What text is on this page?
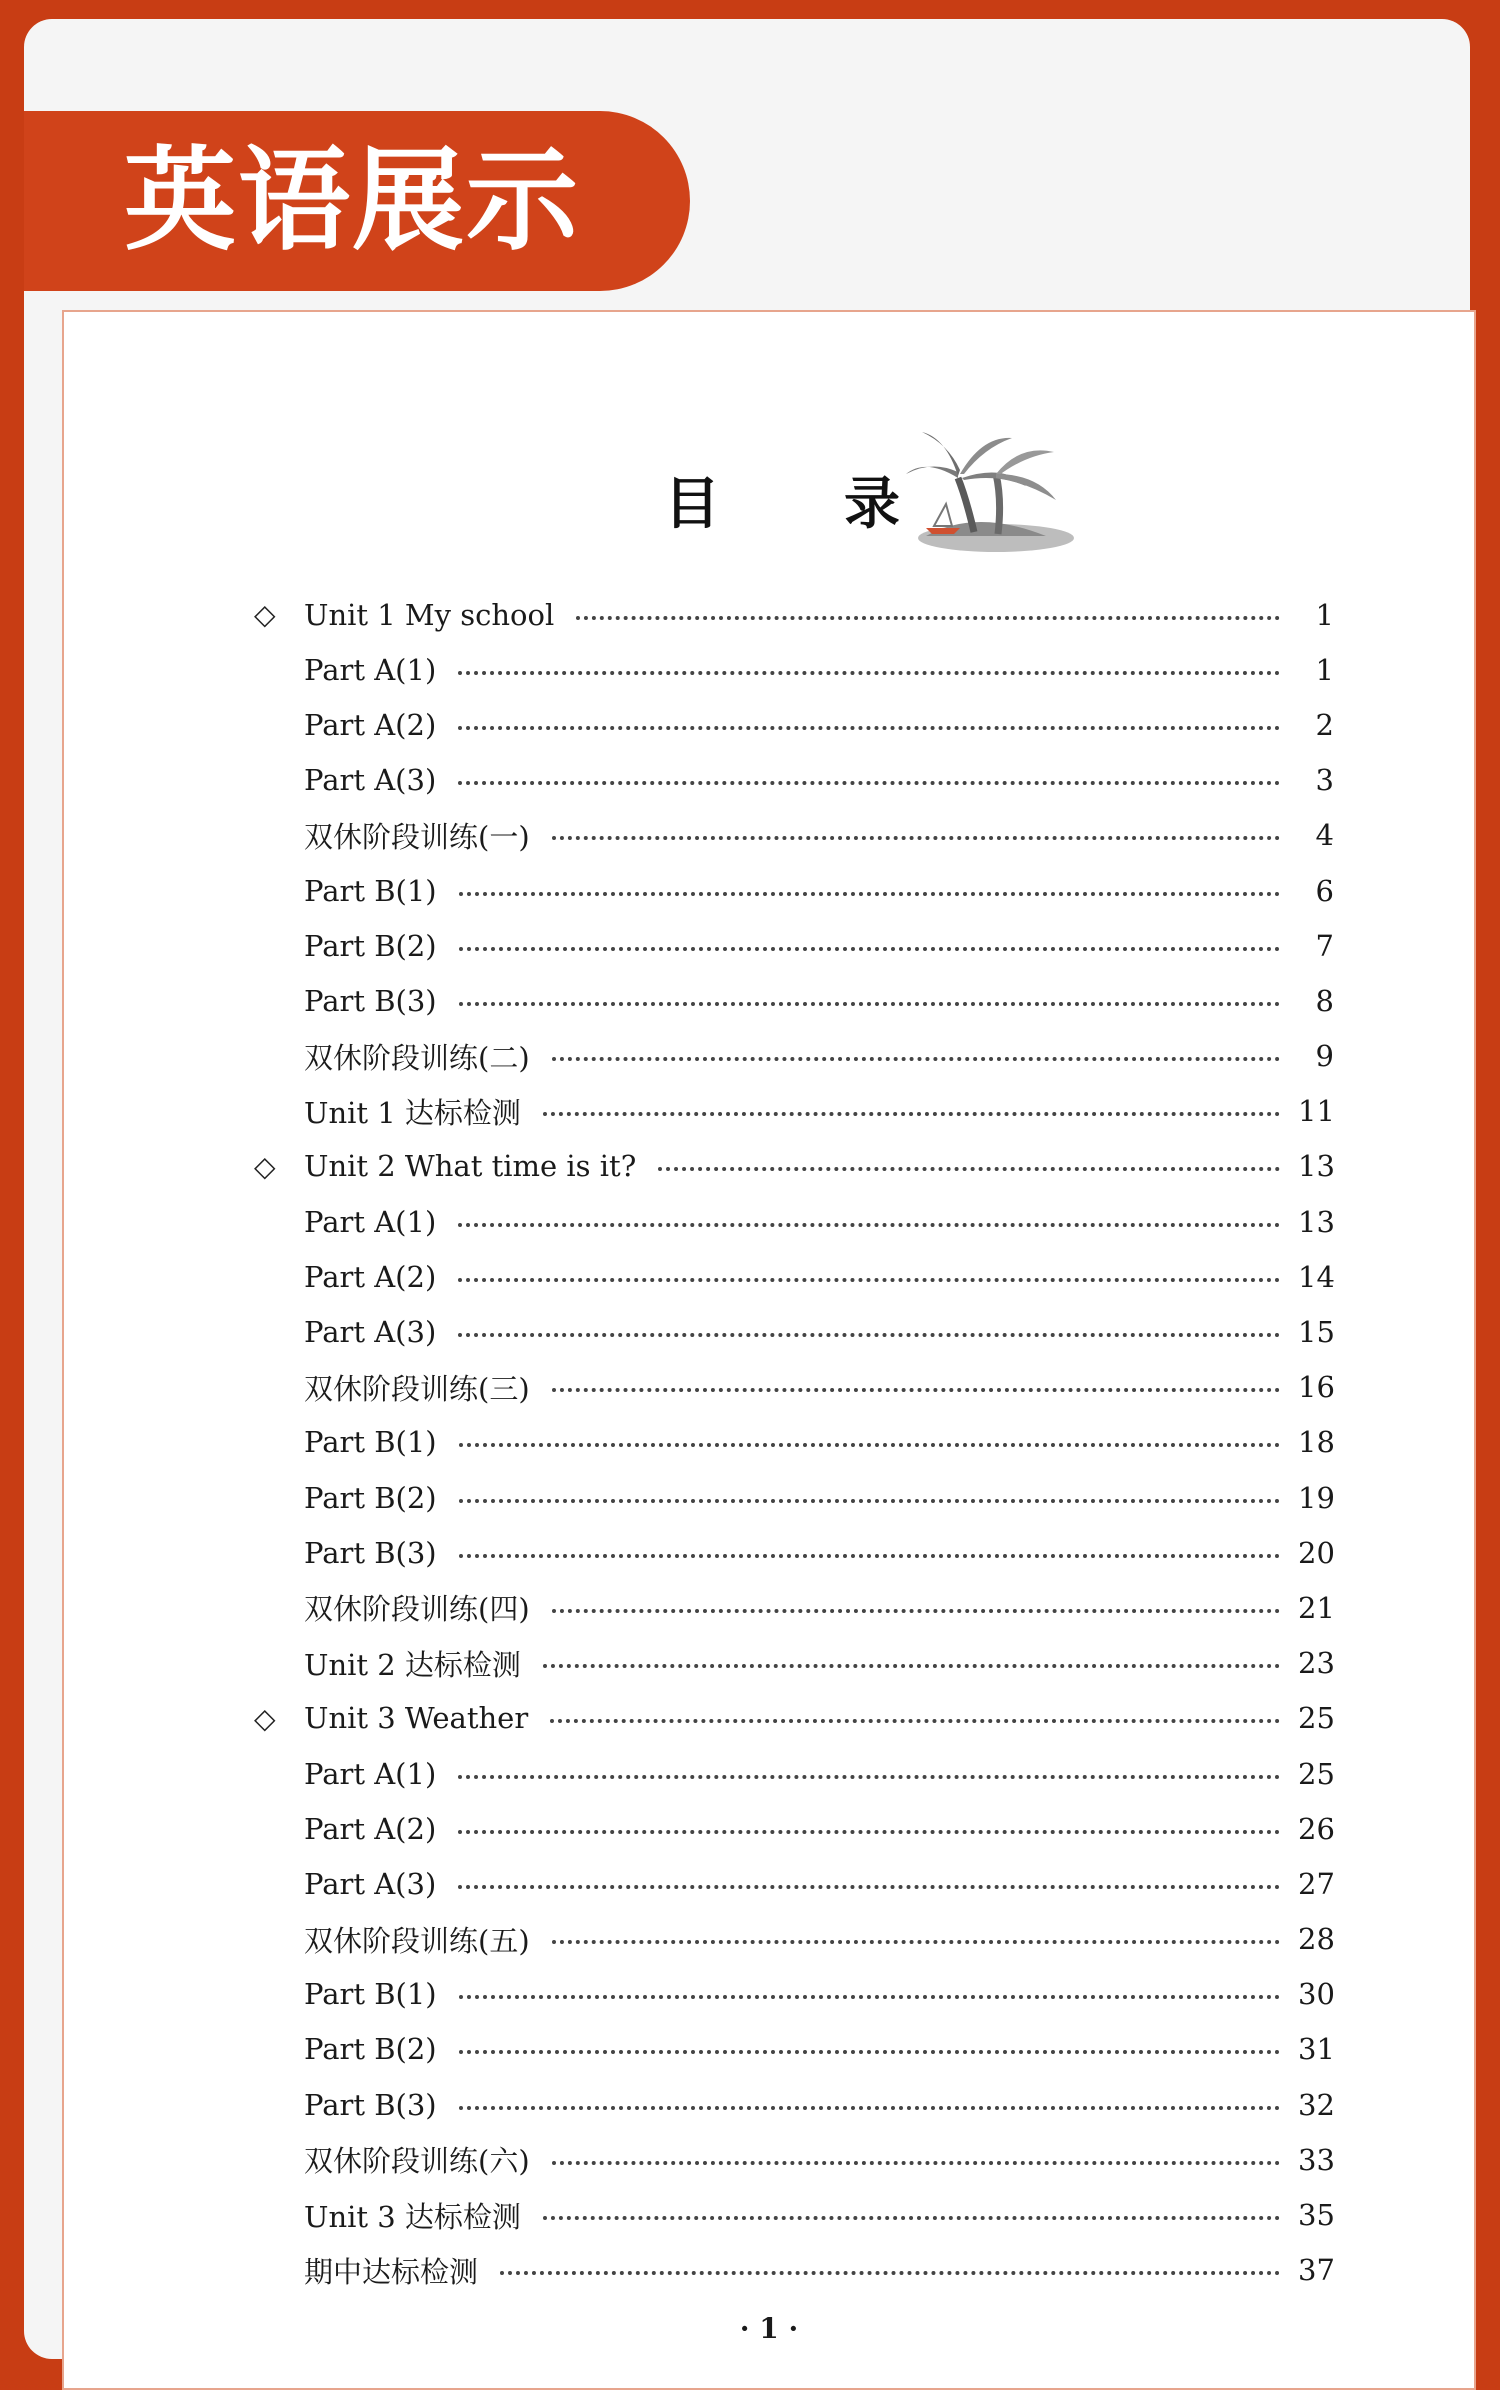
英语展示
目　　录
◇ Unit 1 My school	1
Part A(1)	1
Part A(2)	2
Part A(3)	3
双休阶段训练(一)	4
Part B(1)	6
Part B(2)	7
Part B(3)	8
双休阶段训练(二)	9
Unit 1 达标检测	11
◇ Unit 2 What time is it?	13
Part A(1)	13
Part A(2)	14
Part A(3)	15
双休阶段训练(三)	16
Part B(1)	18
Part B(2)	19
Part B(3)	20
双休阶段训练(四)	21
Unit 2 达标检测	23
◇ Unit 3 Weather	25
Part A(1)	25
Part A(2)	26
Part A(3)	27
双休阶段训练(五)	28
Part B(1)	30
Part B(2)	31
Part B(3)	32
双休阶段训练(六)	33
Unit 3 达标检测	35
期中达标检测	37
· 1 ·
